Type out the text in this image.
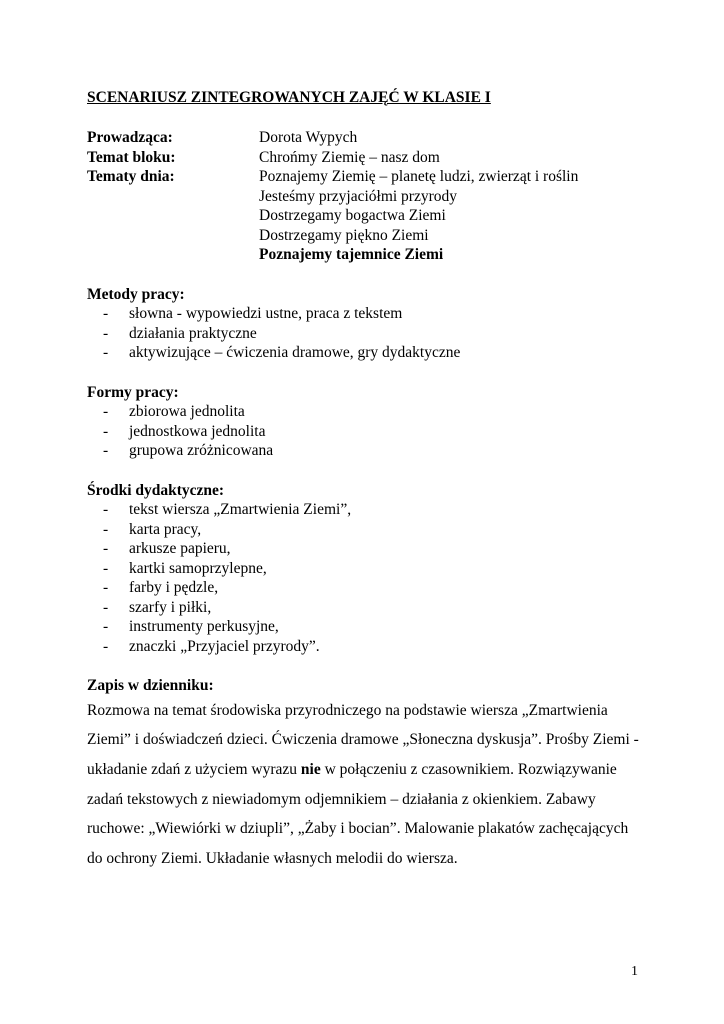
SCENARIUSZ ZINTEGROWANYCH ZAJĘĆ W KLASIE I

Prowadząca:	Dorota Wypych
Temat bloku:	Chrońmy Ziemię – nasz dom
Tematy dnia:	Poznajemy Ziemię – planetę ludzi, zwierząt i roślin
Jesteśmy przyjaciółmi przyrody
Dostrzegamy bogactwa Ziemi
Dostrzegamy piękno Ziemi
Poznajemy tajemnice Ziemi
Metody pracy:
- słowna - wypowiedzi ustne, praca z tekstem
- działania praktyczne
- aktywizujące – ćwiczenia dramowe, gry dydaktyczne
Formy pracy:
- zbiorowa jednolita
- jednostkowa jednolita
- grupowa zróżnicowana
Środki dydaktyczne:
- tekst wiersza „Zmartwienia Ziemi”,
- karta pracy,
- arkusze papieru,
- kartki samoprzylepne,
- farby i pędzle,
- szarfy i piłki,
- instrumenty perkusyjne,
- znaczki „Przyjaciel przyrody”.
Zapis w dzienniku:
Rozmowa na temat środowiska przyrodniczego na podstawie wiersza „Zmartwienia Ziemi” i doświadczeń dzieci. Ćwiczenia dramowe „Słoneczna dyskusja”. Prośby Ziemi - układanie zdań z użyciem wyrazu nie w połączeniu z czasownikiem. Rozwiązywanie zadań tekstowych z niewiadomym odjemnikiem – działania z okienkiem. Zabawy ruchowe: „Wiewiórki w dziupli”, „Żaby i bocian”. Malowanie plakatów zachęcających do ochrony Ziemi. Układanie własnych melodii do wiersza.
1
